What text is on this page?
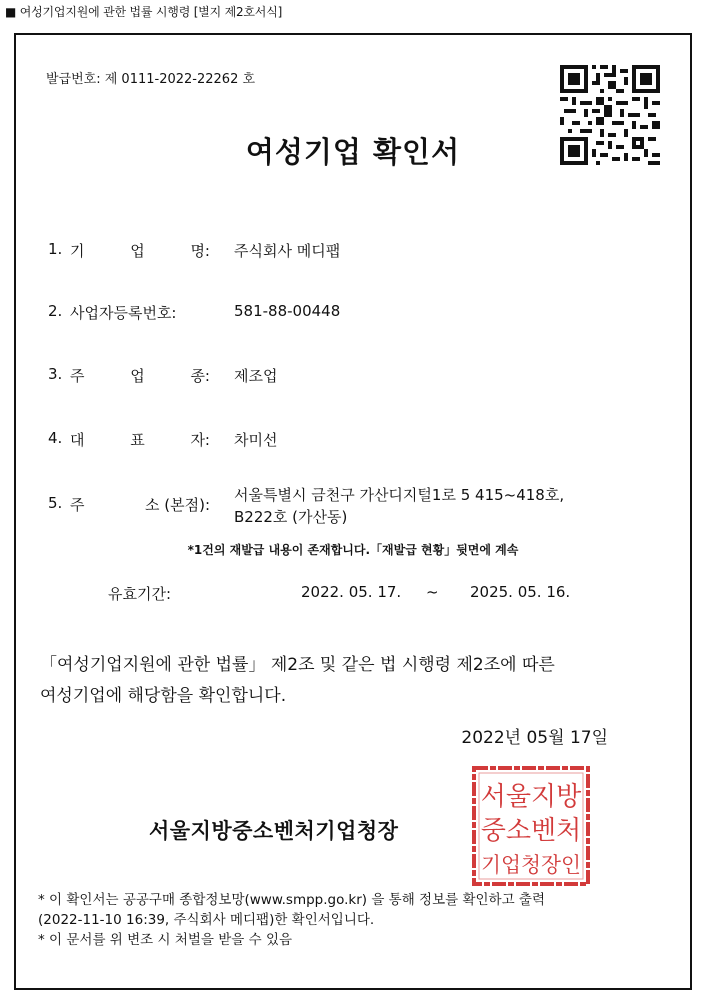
■ 여성기업지원에 관한 법률 시행령 [별지 제2호서식]
발급번호: 제 0111-2022-22262 호
여성기업 확인서
1. 기	업	명: 주식회사 메디팹
2. 사업자등록번호:	581-88-00448
3. 주	업	종: 제조업
4. 대	표	자: 차미선
5. 주	소 (본점):
서울특별시 금천구 가산디지털1로 5 415~418호,
B222호 (가산동)
*1건의 재발급 내용이 존재합니다.「재발급 현황」뒷면에 계속
유효기간:	2022. 05. 17. ~ 2025. 05. 16.
「여성기업지원에 관한 법률」 제2조 및 같은 법 시행령 제2조에 따른
여성기업에 해당함을 확인합니다.
2022년 05월 17일
서울지방중소벤처기업청장
서울지방
중소벤처
기업청장인
* 이 확인서는 공공구매 종합정보망(www.smpp.go.kr) 을 통해 정보를 확인하고 출력
(2022-11-10 16:39, 주식회사 메디팹)한 확인서입니다.
* 이 문서를 위 변조 시 처벌을 받을 수 있음
